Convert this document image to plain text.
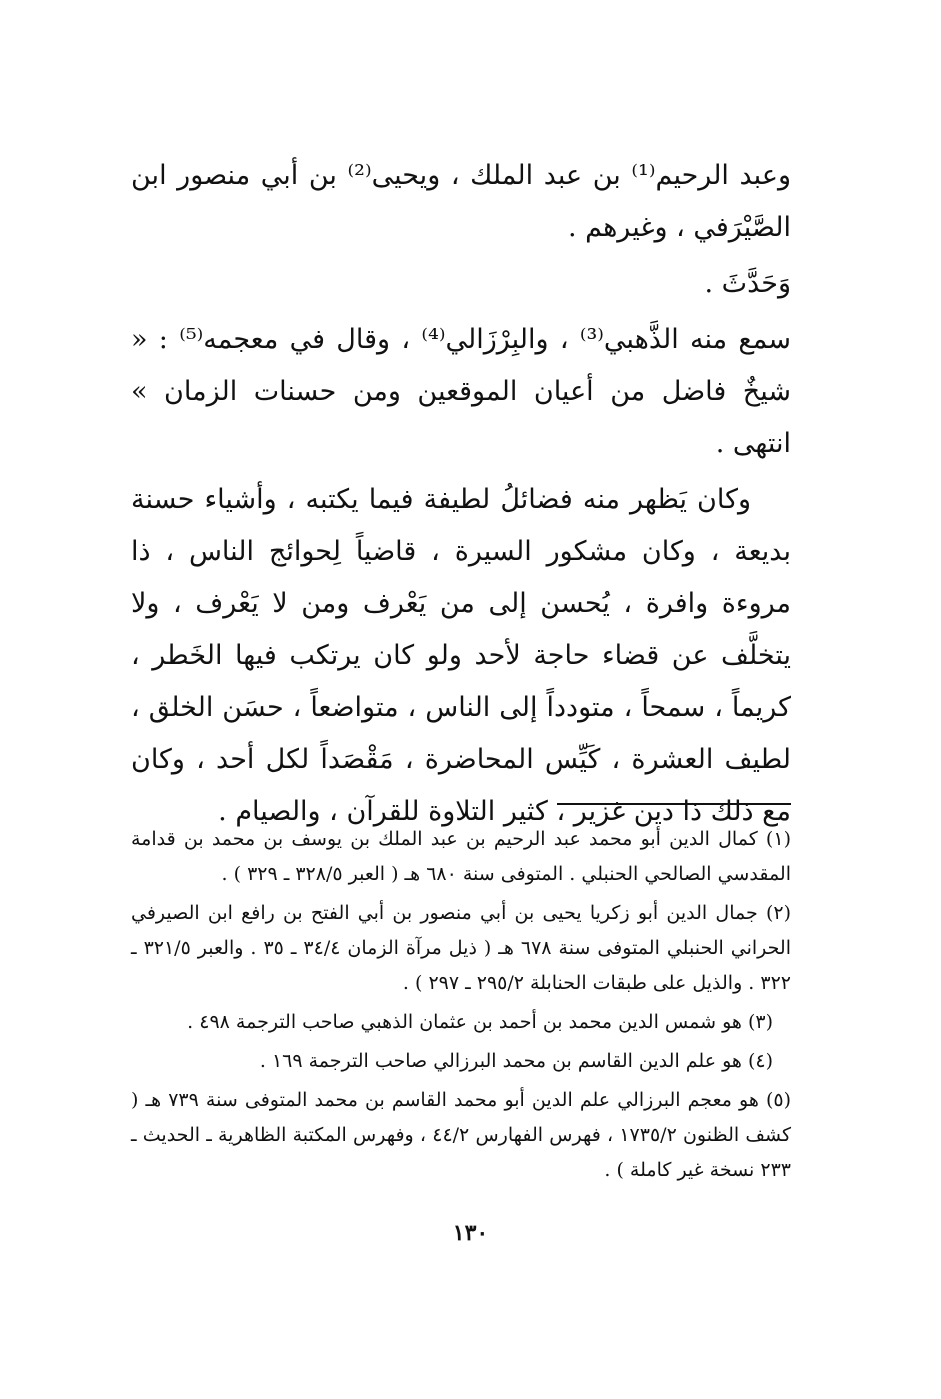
وعبد الرحيم⁽¹⁾ بن عبد الملك ، ويحيى⁽²⁾ بن أبي منصور ابن الصَّيْرَفي ، وغيرهم .

وَحَدَّثَ .

سمع منه الذَّهبي⁽³⁾ ، والبِرْزَالي⁽⁴⁾ ، وقال في معجمه⁽⁵⁾ : « شيخٌ فاضل من أعيان الموقعين ومن حسنات الزمان » انتهى .

وكان يَظهر منه فضائلُ لطيفة فيما يكتبه ، وأشياء حسنة بديعة ، وكان مشكور السيرة ، قاضياً لِحوائج الناس ، ذا مروءة وافرة ، يُحسن إلى من يَعْرف ومن لا يَعْرف ، ولا يتخلَّف عن قضاء حاجة لأحد ولو كان يرتكب فيها الخَطر ، كريماً ، سمحاً ، متودداً إلى الناس ، متواضعاً ، حسَن الخلق ، لطيف العشرة ، كَيِّس المحاضرة ، مَقْصَداً لكل أحد ، وكان مع ذلك ذا دين غزير ، كثير التلاوة للقرآن ، والصيام .

(١) كمال الدين أبو محمد عبد الرحيم بن عبد الملك بن يوسف بن محمد بن قدامة المقدسي الصالحي الحنبلي . المتوفى سنة ٦٨٠ هـ ( العبر ٣٢٨/٥ ـ ٣٢٩ ) .

(٢) جمال الدين أبو زكريا يحيى بن أبي منصور بن أبي الفتح بن رافع ابن الصيرفي الحراني الحنبلي المتوفى سنة ٦٧٨ هـ ( ذيل مرآة الزمان ٣٤/٤ ـ ٣٥ . والعبر ٣٢١/٥ ـ ٣٢٢ . والذيل على طبقات الحنابلة ٢٩٥/٢ ـ ٢٩٧ ) .

(٣) هو شمس الدين محمد بن أحمد بن عثمان الذهبي صاحب الترجمة ٤٩٨ .

(٤) هو علم الدين القاسم بن محمد البرزالي صاحب الترجمة ١٦٩ .

(٥) هو معجم البرزالي علم الدين أبو محمد القاسم بن محمد المتوفى سنة ٧٣٩ هـ ( كشف الظنون ١٧٣٥/٢ ، فهرس الفهارس ٤٤/٢ ، وفهرس المكتبة الظاهرية ـ الحديث ـ ٢٣٣ نسخة غير كاملة ) .

١٣٠
